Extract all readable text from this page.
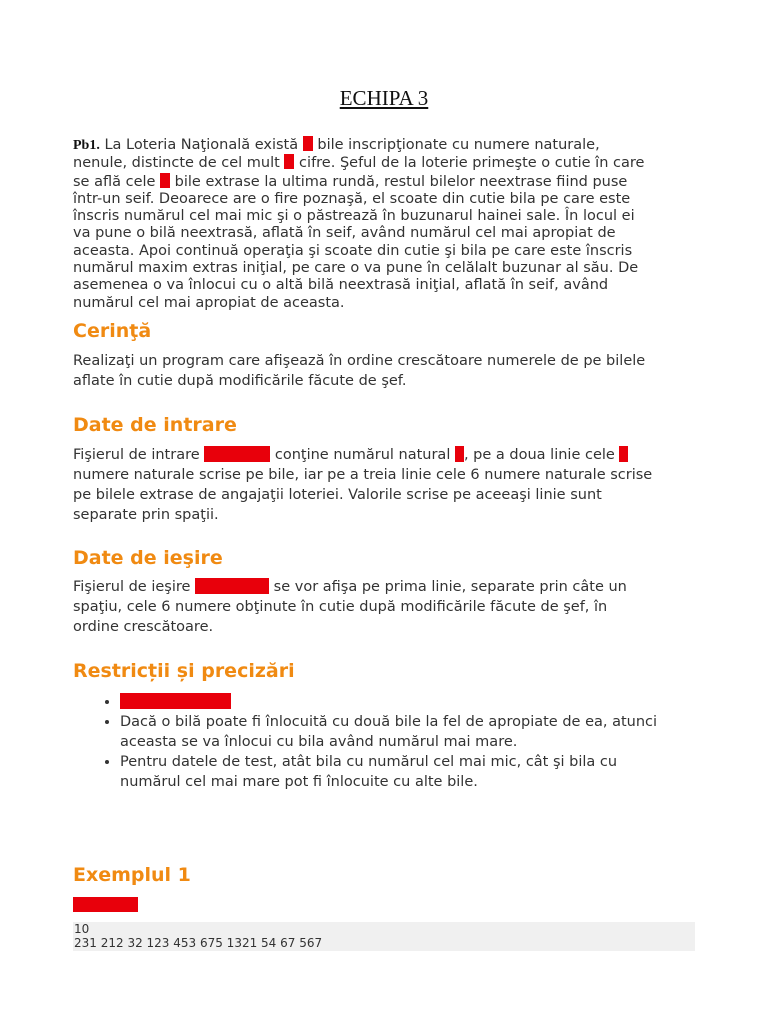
ECHIPA 3
Pb1. La Loteria Naţională există  bile inscripţionate cu numere naturale,
nenule, distincte de cel mult  cifre. Şeful de la loterie primeşte o cutie în care
se află cele  bile extrase la ultima rundă, restul bilelor neextrase fiind puse
într-un seif. Deoarece are o fire poznaşă, el scoate din cutie bila pe care este
înscris numărul cel mai mic şi o păstrează în buzunarul hainei sale. În locul ei
va pune o bilă neextrasă, aflată în seif, având numărul cel mai apropiat de
aceasta. Apoi continuă operaţia şi scoate din cutie şi bila pe care este înscris
numărul maxim extras iniţial, pe care o va pune în celălalt buzunar al său. De
asemenea o va înlocui cu o altă bilă neextrasă iniţial, aflată în seif, având
numărul cel mai apropiat de aceasta.
Cerinţă
Realizaţi un program care afişează în ordine crescătoare numerele de pe bilele
aflate în cutie după modificările făcute de şef.
Date de intrare
Fişierul de intrare	conţine numărul natural , pe a doua linie cele
numere naturale scrise pe bile, iar pe a treia linie cele 6 numere naturale scrise
pe bilele extrase de angajaţii loteriei. Valorile scrise pe aceeaşi linie sunt
separate prin spaţii.
Date de ieşire
Fişierul de ieşire	se vor afişa pe prima linie, separate prin câte un
spaţiu, cele 6 numere obţinute în cutie după modificările făcute de şef, în
ordine crescătoare.
Restricții și precizări
•
• Dacă o bilă poate fi înlocuită cu două bile la fel de apropiate de ea, atunci
aceasta se va înlocui cu bila având numărul mai mare.
• Pentru datele de test, atât bila cu numărul cel mai mic, cât şi bila cu
numărul cel mai mare pot fi înlocuite cu alte bile.
Exemplul 1
10
231 212 32 123 453 675 1321 54 67 567
